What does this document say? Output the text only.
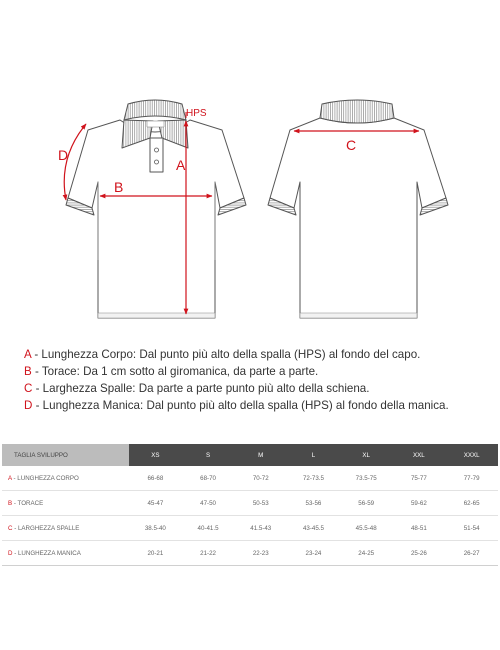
A
B
C
D
HPS
A - Lunghezza Corpo: Dal punto più alto della spalla (HPS) al fondo del capo.
B - Torace: Da 1 cm sotto al giromanica, da parte a parte.
C - Larghezza Spalle: Da parte a parte punto più alto della schiena.
D - Lunghezza Manica: Dal punto più alto della spalla (HPS) al fondo della manica.
TAGLIA SVILUPPO	XS	S	M	L	XL	XXL	XXXL
A - LUNGHEZZA CORPO	66-68	68-70	70-72	72-73.5	73.5-75	75-77	77-79
B - TORACE	45-47	47-50	50-53	53-56	56-59	59-62	62-65
C - LARGHEZZA SPALLE	38.5-40	40-41.5	41.5-43	43-45.5	45.5-48	48-51	51-54
D - LUNGHEZZA MANICA	20-21	21-22	22-23	23-24	24-25	25-26	26-27
